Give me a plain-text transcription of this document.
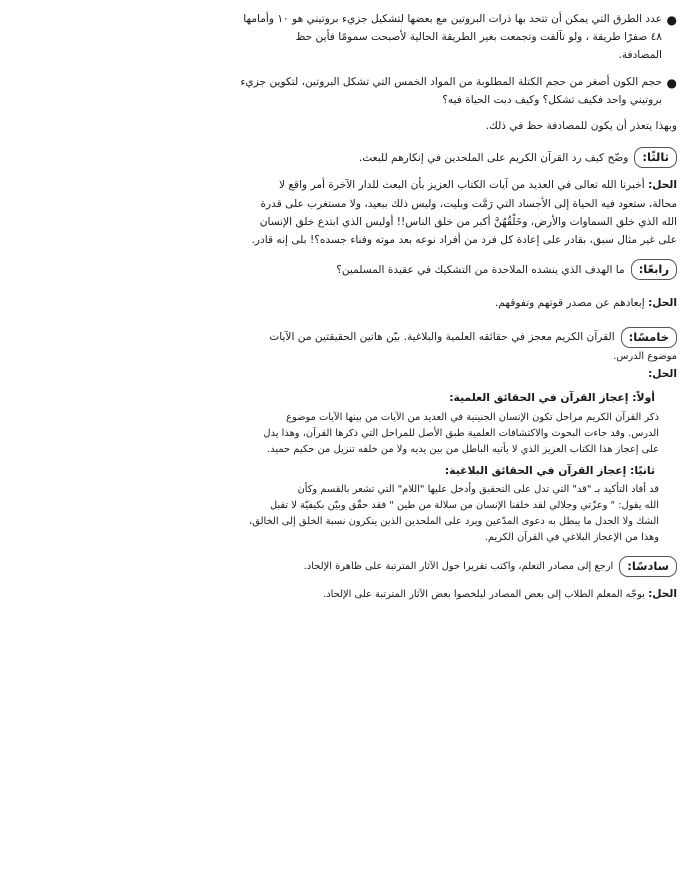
●

عدد الطرق التي يمكن أن تتحد بها ذرات البروتين مع بعضها لتشكيل جزيء بروتيني هو ١٠ وأمامها

٤٨ صفرًا طريقة ، ولو تآلفت وتجمعت بغير الطريقة الحالية لأصبحت سمومًا فأين حظ

المصادفة.

●

حجم الكون أصغر من حجم الكتلة المطلوبة من المواد الخمس التي تشكل البروتين، لتكوين جزيء

بروتيني واحد فكيف تشكل؟ وكيف دبت الحياة فيه؟

وبهذا يتعذر أن يكون للمصادفة حظ في ذلك.

ثالثًا:
وضّح كيف رد القرآن الكريم على الملحدين في إنكارهم للبعث.

الحل: أخبرنا الله تعالى في العديد من آيات الكتاب العزيز بأن البعث للدار الآخرة أمر واقع لا

محالة، ستعود فيه الحياة إلى الأجساد التي رَمَّت وبليت، وليس ذلك ببعيد، ولا مستغرب على قدرة

الله الذي خلق السماوات والأرض، وخَلْقُهُنَّ أكبر من خلق الناس!! أوليس الذي ابتدع خلق الإنسان

على غير مثال سبق، بقادر على إعادة كل فرد من أفراد نوعه بعد موته وفناء جسده؟! بلى إنه قادر.

رابعًا:
ما الهدف الذي ينشده الملاحدة من التشكيك في عقيدة المسلمين؟

الحل: إبعادهم عن مصدر قوتهم وتفوقهم.

خامسًا:
القرآن الكريم معجز في حقائقه العلمية والبلاغية. بيّن هاتين الحقيقتين من الآيات

موضوع الدرس.

الحل:

أولاً: إعجاز القرآن في الحقائق العلمية:

ذكر القرآن الكريم مراحل تكون الإنسان الجنينية في العديد من الآيات من بينها الآيات موضوع

الدرس. وقد جاءت البحوث والاكتشافات العلمية طبق الأصل للمراحل التي ذكرها القرآن، وهذا يدل

على إعجاز هذا الكتاب العزيز الذي لا يأتيه الباطل من بين يديه ولا من خلفه تنزيل من حكيم حميد.

ثانيًا: إعجاز القرآن في الحقائق البلاغية:

قد أفاد التأكيد بـ "قد" التي تدل على التحقيق وأدخل عليها "اللام" التي تشعر بالقسم وكأن

الله يقول: " وعزّتي وجلالي لقد خلقنا الإنسان من سلالة من طين " فقد حقّق وبيّن بكيفيّة لا تقبل

الشك ولا الجدل ما يبطل به دعوى المدّعين ويرد على الملحدين الذين ينكرون نسبة الخلق إلى الخالق،

وهذا من الإعجاز البلاغي في القرآن الكريم.

سادسًا:
ارجع إلى مصادر التعلم، واكتب تقريرا حول الآثار المترتبة على ظاهرة الإلحاد.

الحل: يوجّه المعلم الطلاب إلى بعض المصادر ليلخصوا بعض الآثار المترتبة على الإلحاد.
